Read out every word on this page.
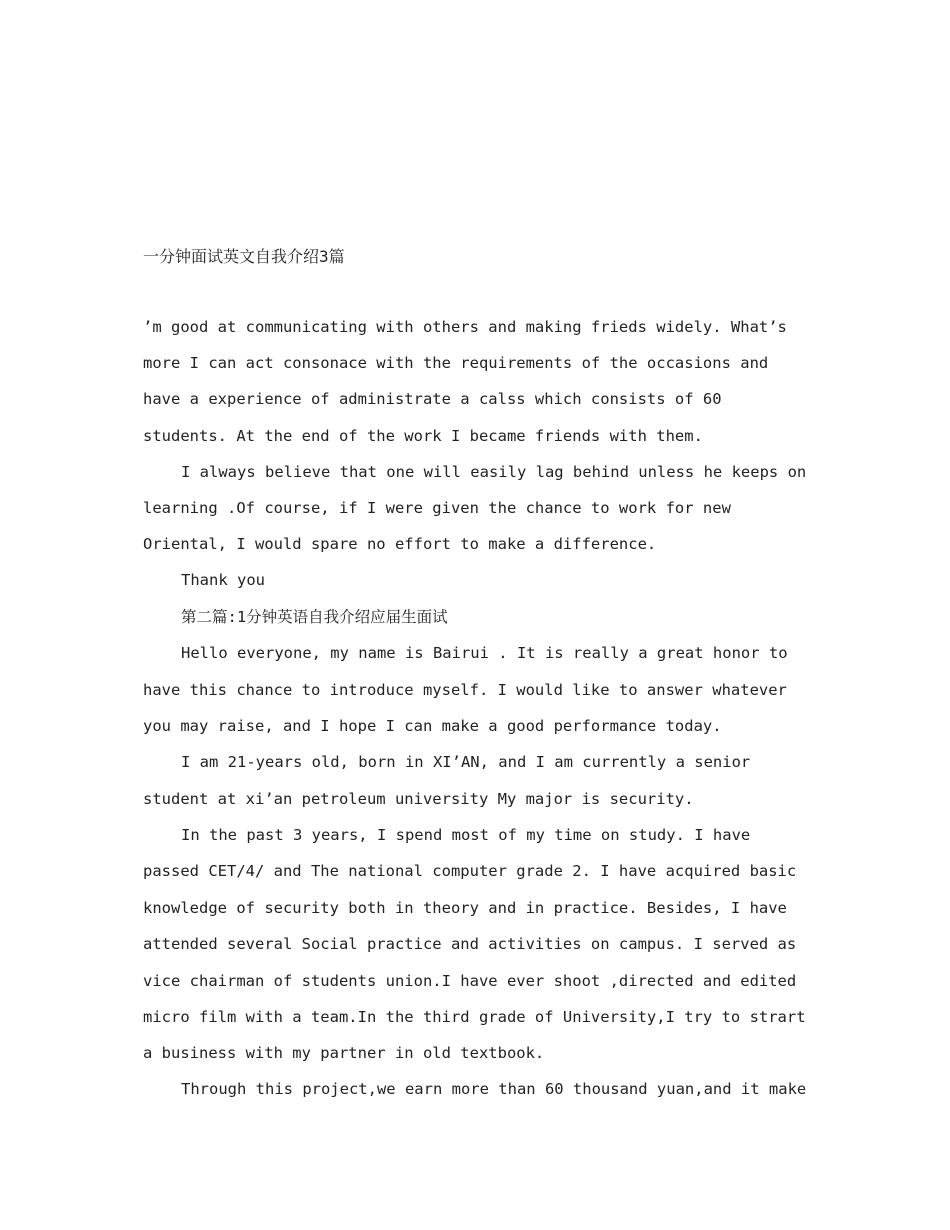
一分钟面试英文自我介绍3篇
’m good at communicating with others and making frieds widely. What’s
more I can act consonace with the requirements of the occasions and
have a experience of administrate a calss which consists of 60
students. At the end of the work I became friends with them.
I always believe that one will easily lag behind unless he keeps on
learning .Of course, if I were given the chance to work for new
Oriental, I would spare no effort to make a difference.
Thank you
第二篇:1分钟英语自我介绍应届生面试
Hello everyone, my name is Bairui . It is really a great honor to
have this chance to introduce myself. I would like to answer whatever
you may raise, and I hope I can make a good performance today.
I am 21-years old, born in XI’AN, and I am currently a senior
student at xi’an petroleum university My major is security.
In the past 3 years, I spend most of my time on study. I have
passed CET/4/ and The national computer grade 2. I have acquired basic
knowledge of security both in theory and in practice. Besides, I have
attended several Social practice and activities on campus. I served as
vice chairman of students union.I have ever shoot ,directed and edited
micro film with a team.In the third grade of University,I try to strart
a business with my partner in old textbook.
Through this project,we earn more than 60 thousand yuan,and it make
